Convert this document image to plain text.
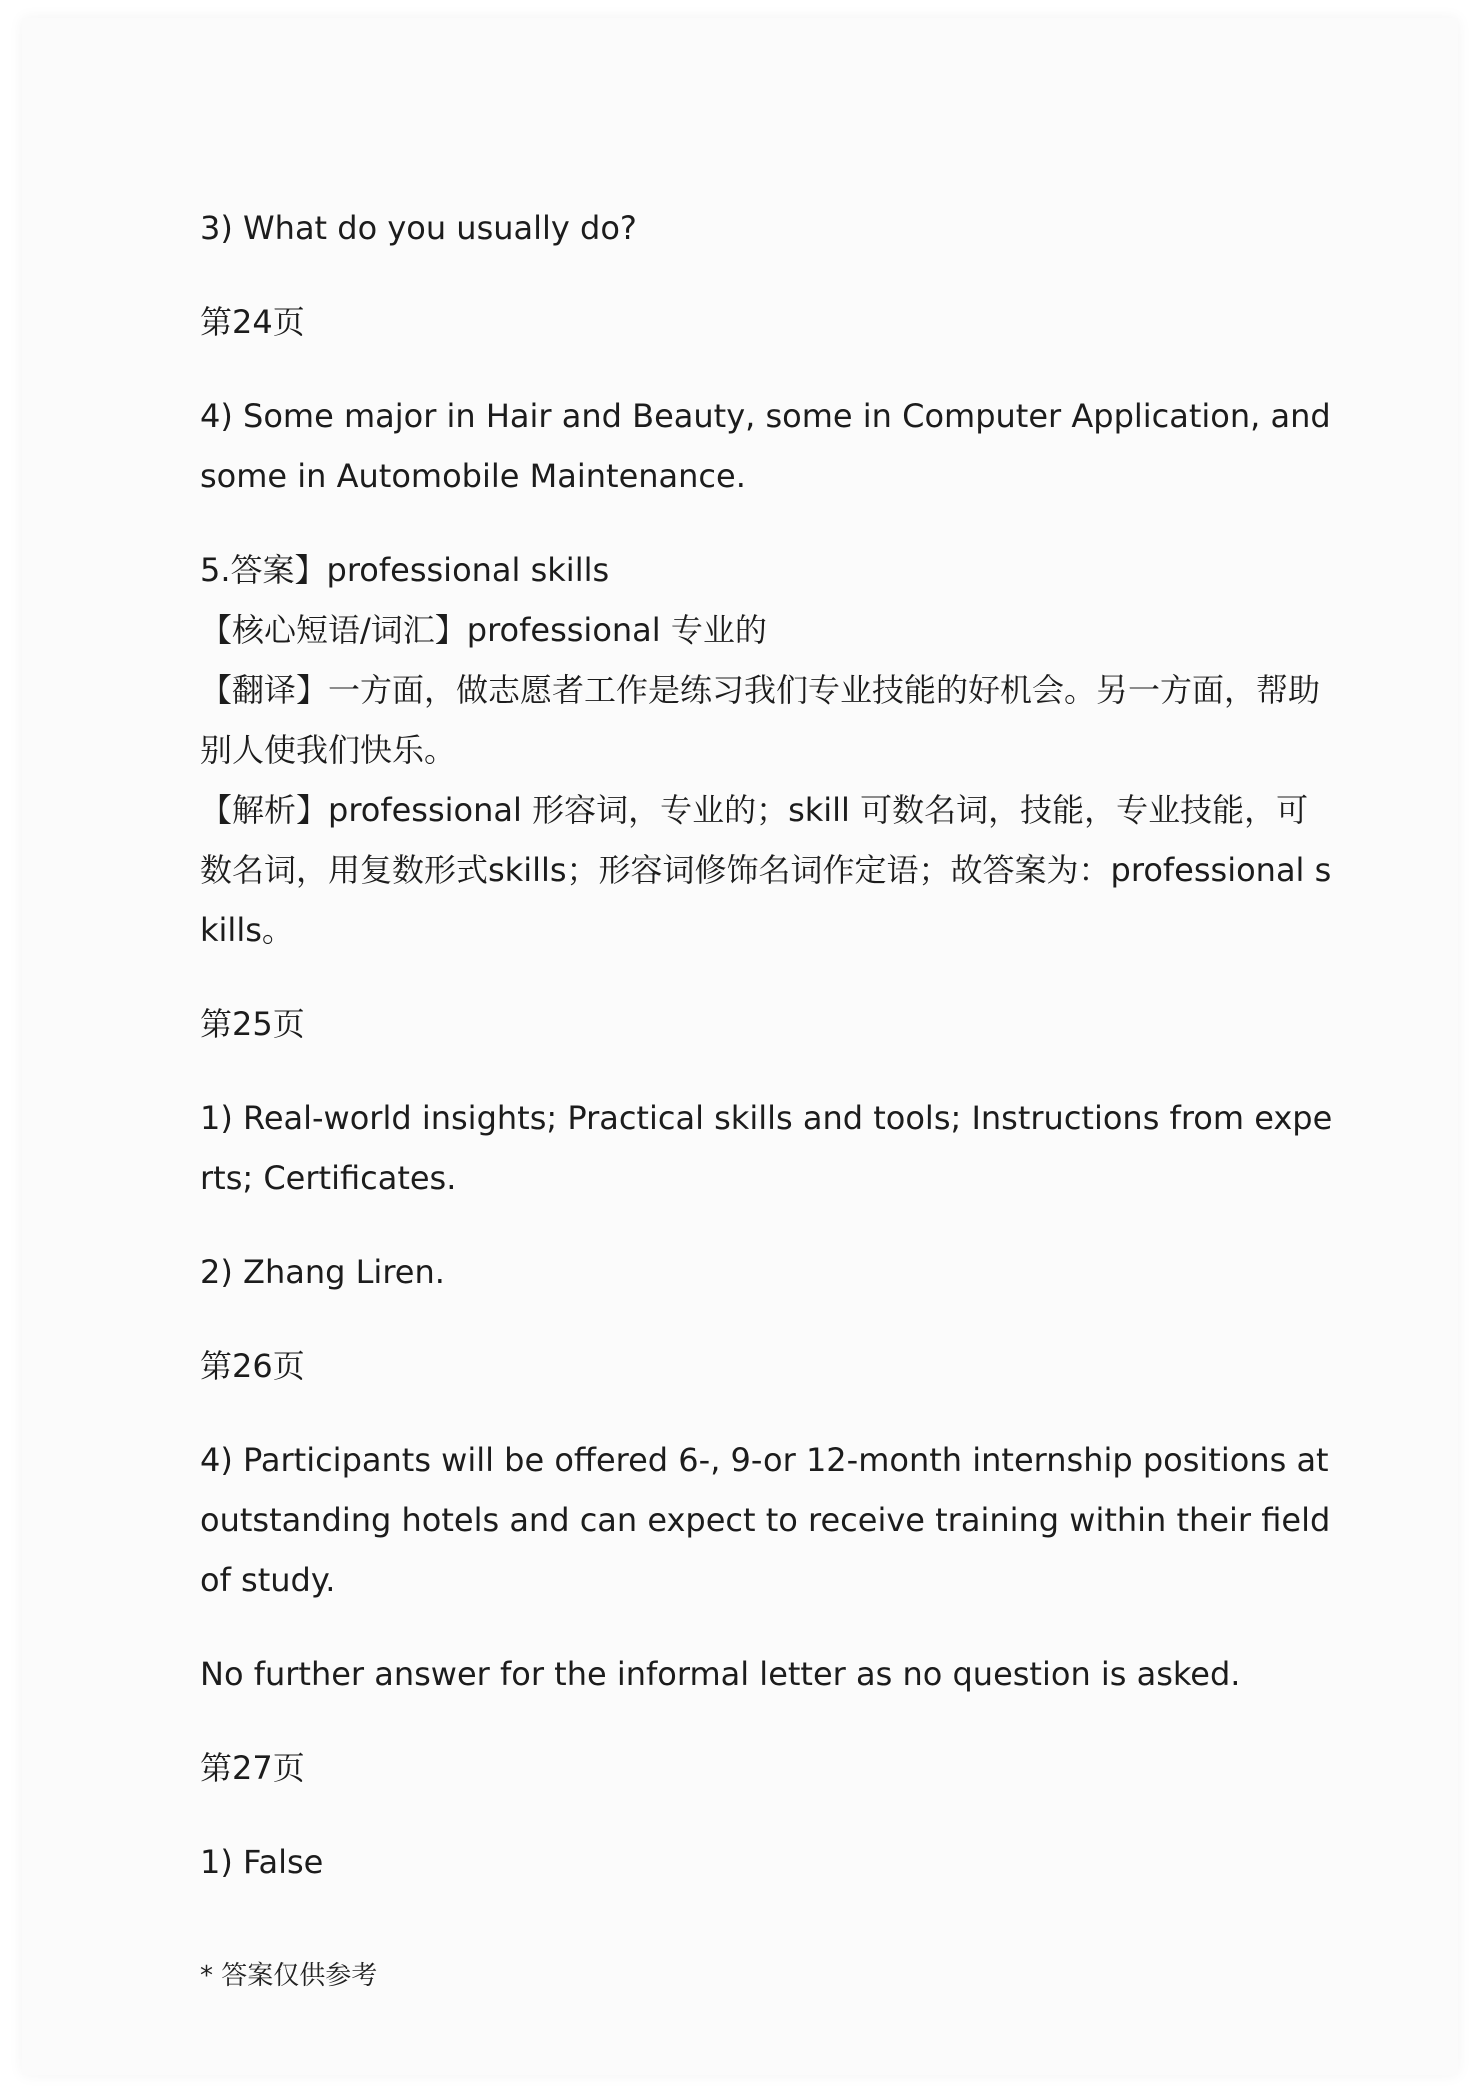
3) What do you usually do?

第24页

4) Some major in Hair and Beauty, some in Computer Application, and some in Automobile Maintenance.

5.答案】professional skills

【核心短语/词汇】professional 专业的

【翻译】一方面，做志愿者工作是练习我们专业技能的好机会。另一方面，帮助别人使我们快乐。

【解析】professional 形容词，专业的；skill 可数名词，技能，专业技能，可数名词，用复数形式skills；形容词修饰名词作定语；故答案为：professional skills。

第25页

1) Real-world insights; Practical skills and tools; Instructions from experts; Certificates.

2) Zhang Liren.

第26页

4) Participants will be offered 6-, 9-or 12-month internship positions at outstanding hotels and can expect to receive training within their field of study.

No further answer for the informal letter as no question is asked.

第27页

1) False

* 答案仅供参考
